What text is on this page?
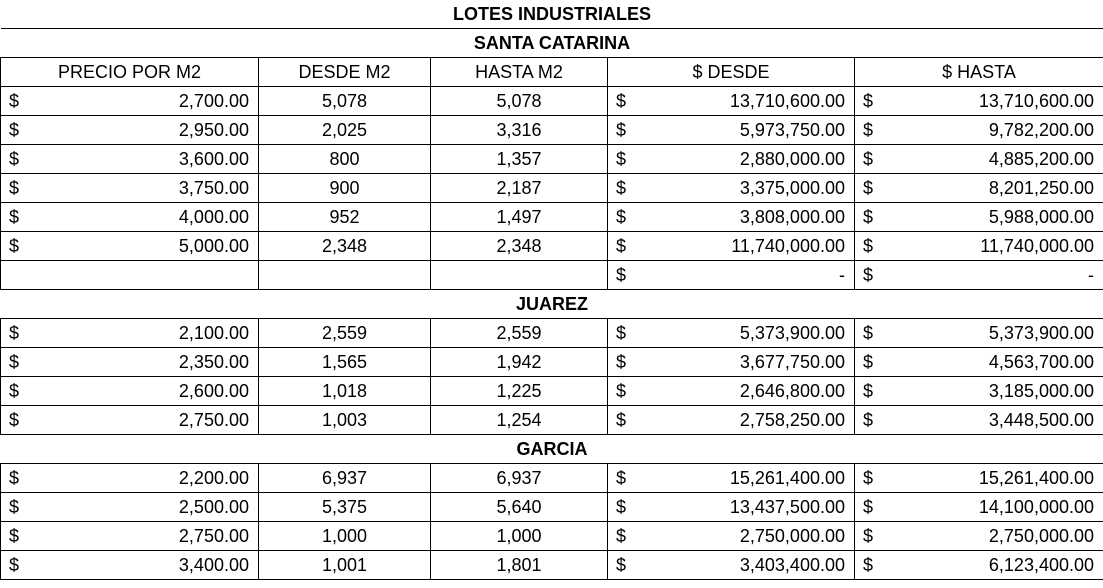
LOTES INDUSTRIALES							
SANTA CATARINA							
PRECIO POR M2		DESDE M2	HASTA M2	$ DESDE		$ HASTA	
$	2,700.00	5,078	5,078	$	13,710,600.00	$	13,710,600.00
$	2,950.00	2,025	3,316	$	5,973,750.00	$	9,782,200.00
$	3,600.00	800	1,357	$	2,880,000.00	$	4,885,200.00
$	3,750.00	900	2,187	$	3,375,000.00	$	8,201,250.00
$	4,000.00	952	1,497	$	3,808,000.00	$	5,988,000.00
$	5,000.00	2,348	2,348	$	11,740,000.00	$	11,740,000.00
				$	-	$	-
JUAREZ							
$	2,100.00	2,559	2,559	$	5,373,900.00	$	5,373,900.00
$	2,350.00	1,565	1,942	$	3,677,750.00	$	4,563,700.00
$	2,600.00	1,018	1,225	$	2,646,800.00	$	3,185,000.00
$	2,750.00	1,003	1,254	$	2,758,250.00	$	3,448,500.00
GARCIA							
$	2,200.00	6,937	6,937	$	15,261,400.00	$	15,261,400.00
$	2,500.00	5,375	5,640	$	13,437,500.00	$	14,100,000.00
$	2,750.00	1,000	1,000	$	2,750,000.00	$	2,750,000.00
$	3,400.00	1,001	1,801	$	3,403,400.00	$	6,123,400.00
